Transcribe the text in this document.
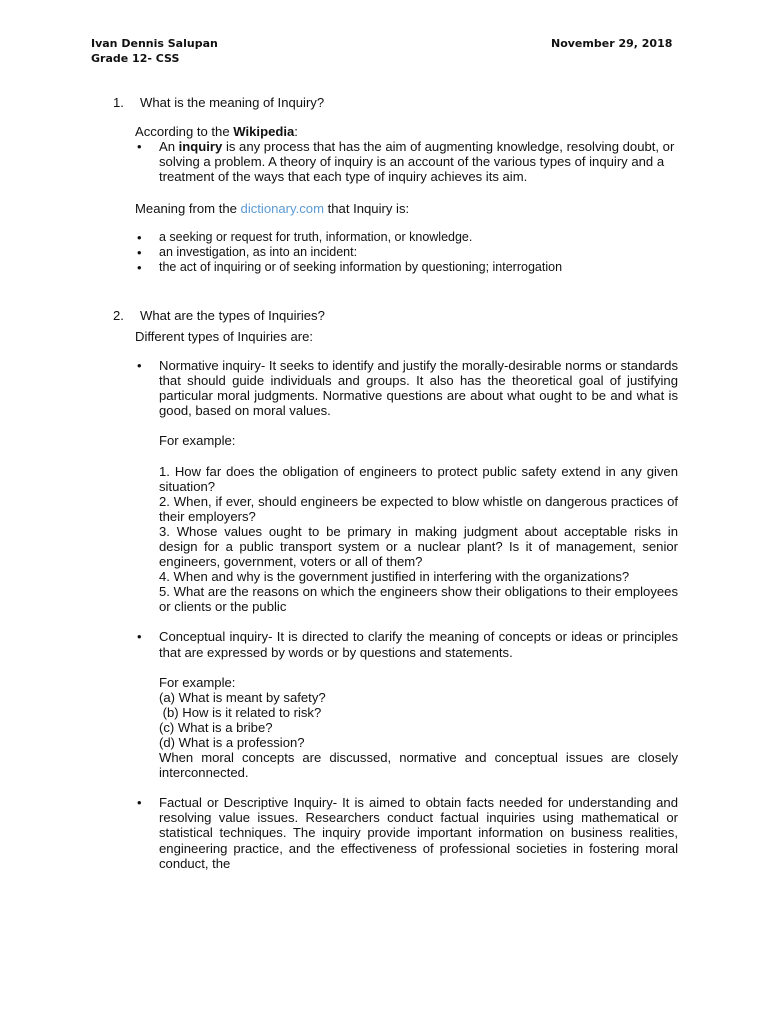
Ivan Dennis Salupan
Grade 12- CSS
November 29, 2018
1. What is the meaning of Inquiry?
According to the Wikipedia:
• An inquiry is any process that has the aim of augmenting knowledge, resolving doubt, or solving a problem. A theory of inquiry is an account of the various types of inquiry and a treatment of the ways that each type of inquiry achieves its aim.
Meaning from the dictionary.com that Inquiry is:
• a seeking or request for truth, information, or knowledge.
• an investigation, as into an incident:
• the act of inquiring or of seeking information by questioning; interrogation
2. What are the types of Inquiries?
Different types of Inquiries are:
• Normative inquiry- It seeks to identify and justify the morally-desirable norms or standards that should guide individuals and groups. It also has the theoretical goal of justifying particular moral judgments. Normative questions are about what ought to be and what is good, based on moral values.
For example:
1. How far does the obligation of engineers to protect public safety extend in any given situation?
2. When, if ever, should engineers be expected to blow whistle on dangerous practices of their employers?
3. Whose values ought to be primary in making judgment about acceptable risks in design for a public transport system or a nuclear plant? Is it of management, senior engineers, government, voters or all of them?
4. When and why is the government justified in interfering with the organizations?
5. What are the reasons on which the engineers show their obligations to their employees or clients or the public
• Conceptual inquiry- It is directed to clarify the meaning of concepts or ideas or principles that are expressed by words or by questions and statements.
For example:
(a) What is meant by safety?
(b) How is it related to risk?
(c) What is a bribe?
(d) What is a profession?
When moral concepts are discussed, normative and conceptual issues are closely interconnected.
• Factual or Descriptive Inquiry- It is aimed to obtain facts needed for understanding and resolving value issues. Researchers conduct factual inquiries using mathematical or statistical techniques. The inquiry provide important information on business realities, engineering practice, and the effectiveness of professional societies in fostering moral conduct, the
